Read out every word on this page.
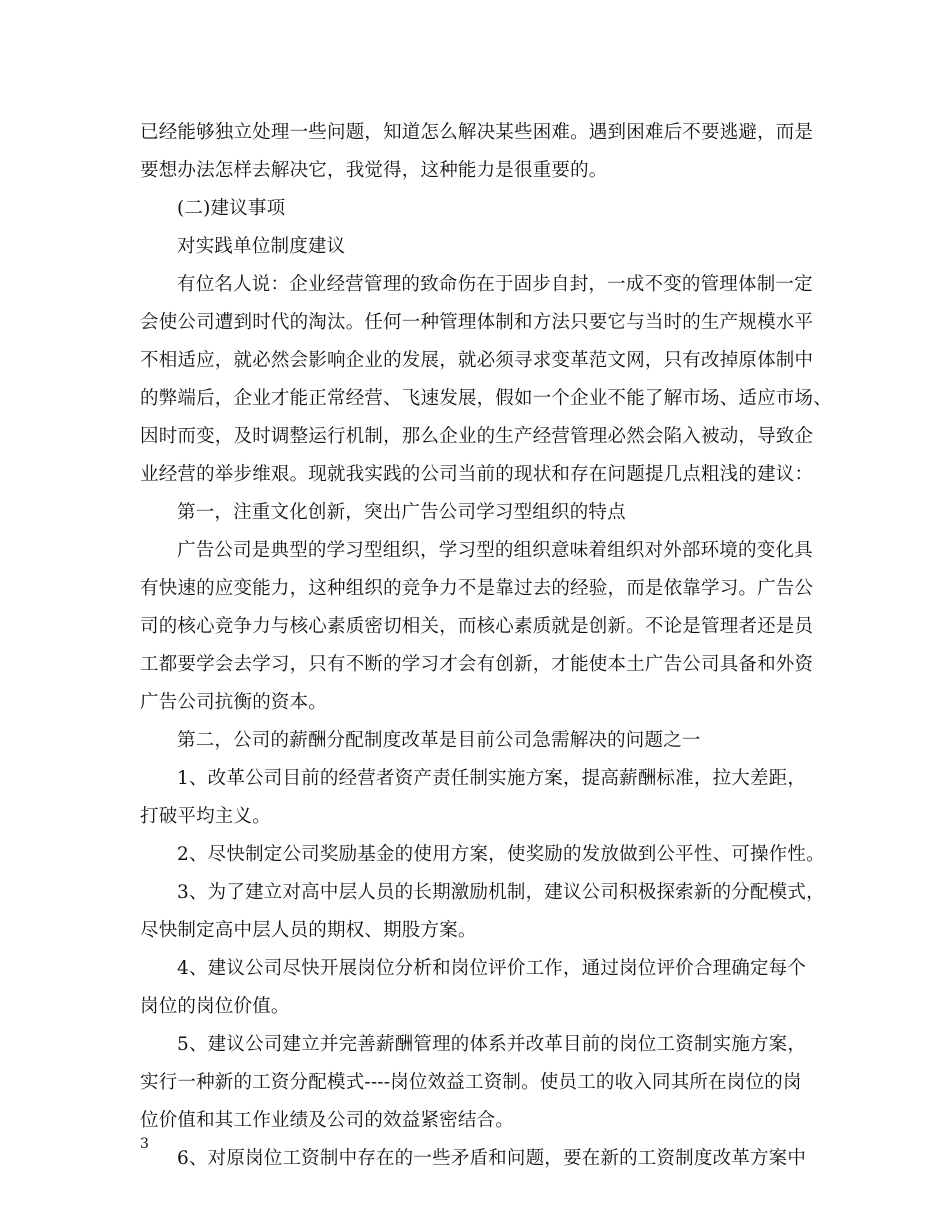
已经能够独立处理一些问题，知道怎么解决某些困难。遇到困难后不要逃避，而是
要想办法怎样去解决它，我觉得，这种能力是很重要的。
(二)建议事项
对实践单位制度建议
有位名人说：企业经营管理的致命伤在于固步自封，一成不变的管理体制一定
会使公司遭到时代的淘汰。任何一种管理体制和方法只要它与当时的生产规模水平
不相适应，就必然会影响企业的发展，就必须寻求变革范文网，只有改掉原体制中
的弊端后，企业才能正常经营、飞速发展，假如一个企业不能了解市场、适应市场、
因时而变，及时调整运行机制，那么企业的生产经营管理必然会陷入被动，导致企
业经营的举步维艰。现就我实践的公司当前的现状和存在问题提几点粗浅的建议：
第一，注重文化创新，突出广告公司学习型组织的特点
广告公司是典型的学习型组织，学习型的组织意味着组织对外部环境的变化具
有快速的应变能力，这种组织的竞争力不是靠过去的经验，而是依靠学习。广告公
司的核心竞争力与核心素质密切相关，而核心素质就是创新。不论是管理者还是员
工都要学会去学习，只有不断的学习才会有创新，才能使本土广告公司具备和外资
广告公司抗衡的资本。
第二，公司的薪酬分配制度改革是目前公司急需解决的问题之一
1、改革公司目前的经营者资产责任制实施方案，提高薪酬标准，拉大差距，
打破平均主义。
2、尽快制定公司奖励基金的使用方案，使奖励的发放做到公平性、可操作性。
3、为了建立对高中层人员的长期激励机制，建议公司积极探索新的分配模式，
尽快制定高中层人员的期权、期股方案。
4、建议公司尽快开展岗位分析和岗位评价工作，通过岗位评价合理确定每个
岗位的岗位价值。
5、建议公司建立并完善薪酬管理的体系并改革目前的岗位工资制实施方案，
实行一种新的工资分配模式----岗位效益工资制。使员工的收入同其所在岗位的岗
位价值和其工作业绩及公司的效益紧密结合。
6、对原岗位工资制中存在的一些矛盾和问题，要在新的工资制度改革方案中
3
